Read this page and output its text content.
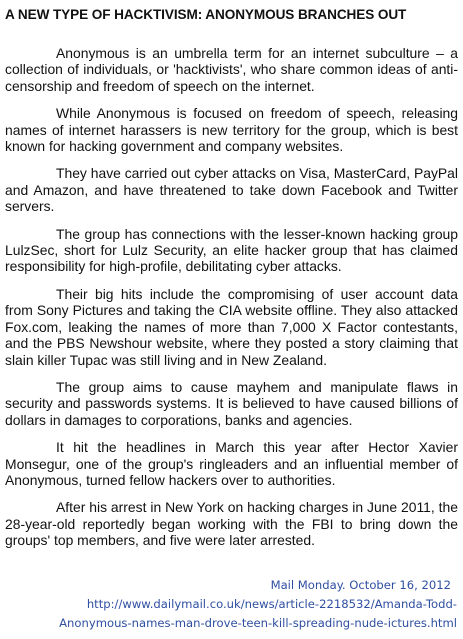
A NEW TYPE OF HACKTIVISM: ANONYMOUS BRANCHES OUT

Anonymous is an umbrella term for an internet subculture – a collection of individuals, or 'hacktivists', who share common ideas of anti-censorship and freedom of speech on the internet.

While Anonymous is focused on freedom of speech, releasing names of internet harassers is new territory for the group, which is best known for hacking government and company websites.

They have carried out cyber attacks on Visa, MasterCard, PayPal and Amazon, and have threatened to take down Facebook and Twitter servers.

The group has connections with the lesser-known hacking group LulzSec, short for Lulz Security, an elite hacker group that has claimed responsibility for high-profile, debilitating cyber attacks.

Their big hits include the compromising of user account data from Sony Pictures and taking the CIA website offline. They also attacked Fox.com, leaking the names of more than 7,000 X Factor contestants, and the PBS Newshour website, where they posted a story claiming that slain killer Tupac was still living and in New Zealand.

The group aims to cause mayhem and manipulate flaws in security and passwords systems. It is believed to have caused billions of dollars in damages to corporations, banks and agencies.

It hit the headlines in March this year after Hector Xavier Monsegur, one of the group's ringleaders and an influential member of Anonymous, turned fellow hackers over to authorities.

After his arrest in New York on hacking charges in June 2011, the 28-year-old reportedly began working with the FBI to bring down the groups' top members, and five were later arrested.

Mail Monday. October 16, 2012
http://www.dailymail.co.uk/news/article-2218532/Amanda-Todd-
Anonymous-names-man-drove-teen-kill-spreading-nude-ictures.html
